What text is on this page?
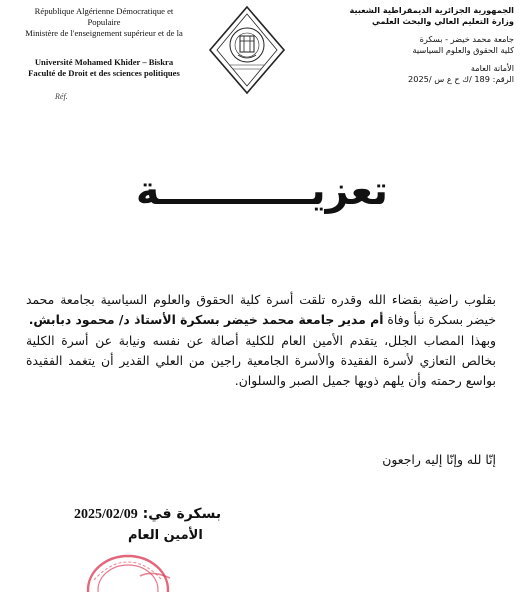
République Algérienne Démocratique et
Populaire
Ministère de l'enseignement supérieur et de la
Université Mohamed Khider – Biskra
Faculté de Droit et des sciences politiques
Réf.
الجمهورية الجزائرية الديمقراطية الشعبية
وزارة التعليم العالي والبحث العلمي
جامعة محمد خيضر - بسكرة
كلية الحقوق والعلوم السياسية
الأمانة العامة
الرقم: 189 /ك ح ع س /2025
تعزيـــــــــــة

بقلوب راضية بقضاء الله وقدره تلقت أسرة كلية الحقوق والعلوم السياسية بجامعة محمد خيضر بسكرة نبأ وفاة أم مدير جامعة محمد خيضر بسكرة الأستاذ د/ محمود دبابش.

وبهذا المصاب الجلل، يتقدم الأمين العام للكلية أصالة عن نفسه ونيابة عن أسرة الكلية بخالص التعازي لأسرة الفقيدة والأسرة الجامعية راجين من العلي القدير أن يتغمد الفقيدة بواسع رحمته وأن يلهم ذويها جميل الصبر والسلوان.

إنّا لله وإنّا إليه راجعون
بسكرة في: 2025/02/09
الأمين العام
